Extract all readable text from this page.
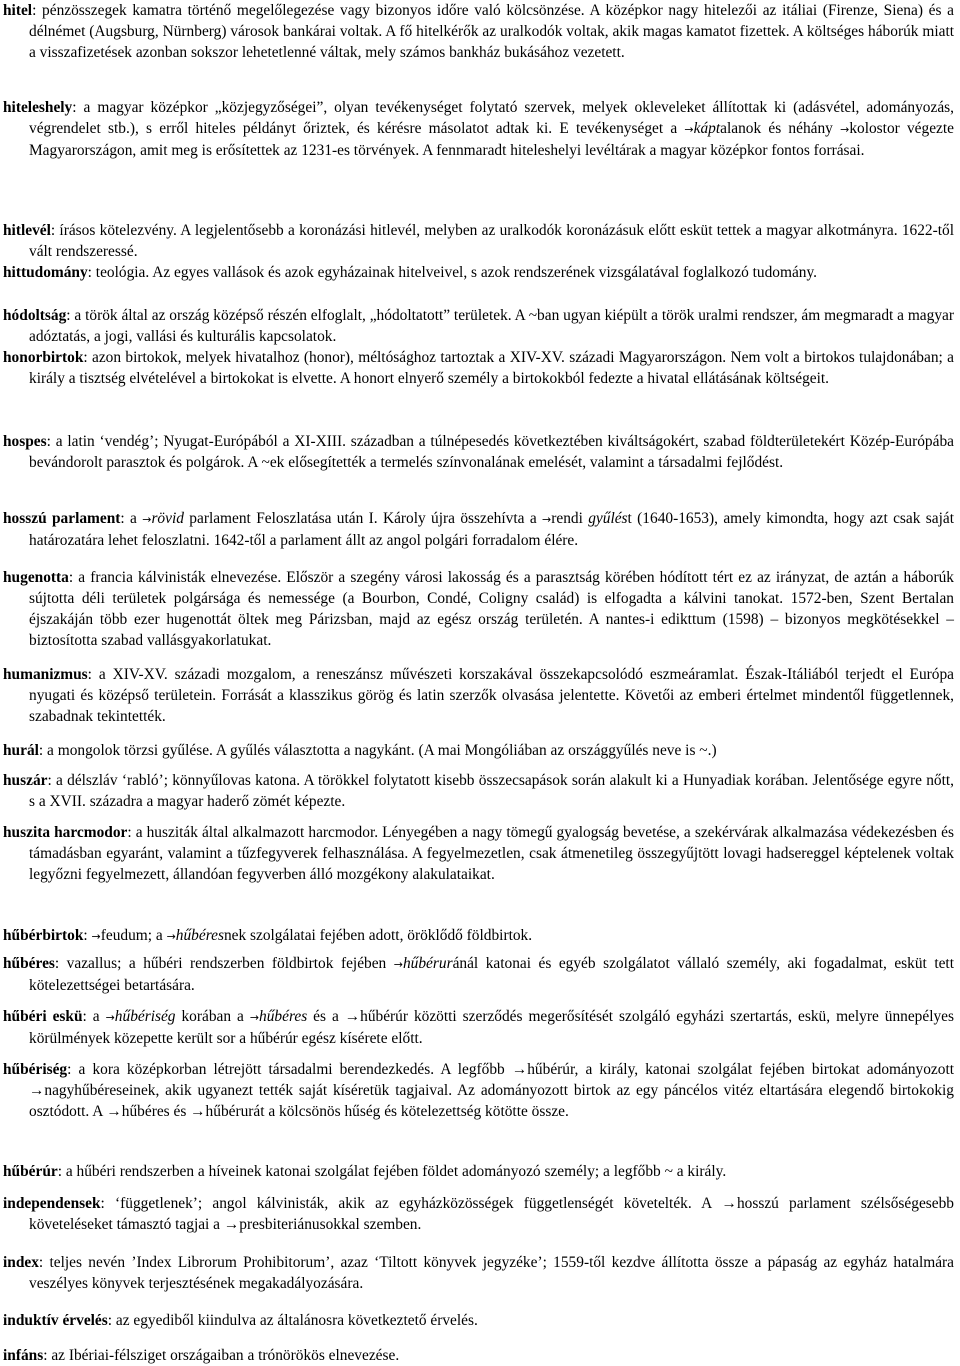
hitel: pénzösszegek kamatra történő megelőlegezése vagy bizonyos időre való kölcsönzése. A középkor nagy hitelezői az itáliai (Firenze, Siena) és a délnémet (Augsburg, Nürnberg) városok bankárai voltak. A fő hitelkérők az uralkodók voltak, akik magas kamatot fizettek. A költséges háborúk miatt a visszafizetések azonban sokszor lehetetlenné váltak, mely számos bankház bukásához vezetett.

hiteleshely: a magyar középkor „közjegyzőségei”, olyan tevékenységet folytató szervek, melyek okleveleket állítottak ki (adásvétel, adományozás, végrendelet stb.), s erről hiteles példányt őriztek, és kérésre másolatot adtak ki. E tevékenységet a →káptalanok és néhány →kolostor végezte Magyarországon, amit meg is erősítettek az 1231-es törvények. A fennmaradt hiteleshelyi levéltárak a magyar középkor fontos forrásai.

hitlevél: írásos kötelezvény. A legjelentősebb a koronázási hitlevél, melyben az uralkodók koronázásuk előtt esküt tettek a magyar alkotmányra. 1622-től vált rendszeressé.

hittudomány: teológia. Az egyes vallások és azok egyházainak hitelveivel, s azok rendszerének vizsgálatával foglalkozó tudomány.

hódoltság: a török által az ország középső részén elfoglalt, „hódoltatott” területek. A ~ban ugyan kiépült a török uralmi rendszer, ám megmaradt a magyar adóztatás, a jogi, vallási és kulturális kapcsolatok.

honorbirtok: azon birtokok, melyek hivatalhoz (honor), méltósághoz tartoztak a XIV-XV. századi Magyarországon. Nem volt a birtokos tulajdonában; a király a tisztség elvételével a birtokokat is elvette. A honort elnyerő személy a birtokokból fedezte a hivatal ellátásának költségeit.

hospes: a latin ‘vendég’; Nyugat-Európából a XI-XIII. században a túlnépesedés következtében kiváltságokért, szabad földterületekért Közép-Európába bevándorolt parasztok és polgárok. A ~ek elősegítették a termelés színvonalának emelését, valamint a társadalmi fejlődést.

hosszú parlament: a →rövid parlament Feloszlatása után I. Károly újra összehívta a →rendi gyűlést (1640-1653), amely kimondta, hogy azt csak saját határozatára lehet feloszlatni. 1642-től a parlament állt az angol polgári forradalom élére.

hugenotta: a francia kálvinisták elnevezése. Először a szegény városi lakosság és a parasztság körében hódított tért ez az irányzat, de aztán a háborúk sújtotta déli területek polgársága és nemessége (a Bourbon, Condé, Coligny család) is elfogadta a kálvini tanokat. 1572-ben, Szent Bertalan éjszakáján több ezer hugenottát öltek meg Párizsban, majd az egész ország területén. A nantes-i edikttum (1598) – bizonyos megkötésekkel – biztosította szabad vallásgyakorlatukat.

humanizmus: a XIV-XV. századi mozgalom, a reneszánsz művészeti korszakával összekapcsolódó eszmeáramlat. Észak-Itáliából terjedt el Európa nyugati és középső területein. Forrását a klasszikus görög és latin szerzők olvasása jelentette. Követői az emberi értelmet mindentől függetlennek, szabadnak tekintették.

hurál: a mongolok törzsi gyűlése. A gyűlés választotta a nagykánt. (A mai Mongóliában az országgyűlés neve is ~.)

huszár: a délszláv ‘rabló’; könnyűlovas katona. A törökkel folytatott kisebb összecsapások során alakult ki a Hunyadiak korában. Jelentősége egyre nőtt, s a XVII. századra a magyar haderő zömét képezte.

huszita harcmodor: a husziták által alkalmazott harcmodor. Lényegében a nagy tömegű gyalogság bevetése, a szekérvárak alkalmazása védekezésben és támadásban egyaránt, valamint a tűzfegyverek felhasználása. A fegyelmezetlen, csak átmenetileg összegyűjtött lovagi hadsereggel képtelenek voltak legyőzni fegyelmezett, állandóan fegyverben álló mozgékony alakulataikat.

hűbérbirtok: →feudum; a →hűbéresnek szolgálatai fejében adott, öröklődő földbirtok.

hűbéres: vazallus; a hűbéri rendszerben földbirtok fejében →hűbéruránál katonai és egyéb szolgálatot vállaló személy, aki fogadalmat, esküt tett kötelezettségei betartására.

hűbéri eskü: a →hűbériség korában a →hűbéres és a →hűbérúr közötti szerződés megerősítését szolgáló egyházi szertartás, eskü, melyre ünnepélyes körülmények közepette került sor a hűbérúr egész kísérete előtt.

hűbériség: a kora középkorban létrejött társadalmi berendezkedés. A legfőbb →hűbérúr, a király, katonai szolgálat fejében birtokat adományozott →nagyhűbéreseinek, akik ugyanezt tették saját kíséretük tagjaival. Az adományozott birtok az egy páncélos vitéz eltartására elegendő birtokokig osztódott. A →hűbéres és →hűbérurát a kölcsönös hűség és kötelezettség kötötte össze.

hűbérúr: a hűbéri rendszerben a híveinek katonai szolgálat fejében földet adományozó személy; a legfőbb ~ a király.

independensek: ‘függetlenek’; angol kálvinisták, akik az egyházközösségek függetlenségét követelték. A →hosszú parlament szélsőségesebb követeléseket támasztó tagjai a →presbiteriánusokkal szemben.

index: teljes nevén ’Index Librorum Prohibitorum’, azaz ‘Tiltott könyvek jegyzéke’; 1559-től kezdve állította össze a pápaság az egyház hatalmára veszélyes könyvek terjesztésének megakadályozására.

induktív érvelés: az egyediből kiindulva az általánosra következtető érvelés.

infáns: az Ibériai-félsziget országaiban a trónörökös elnevezése.
